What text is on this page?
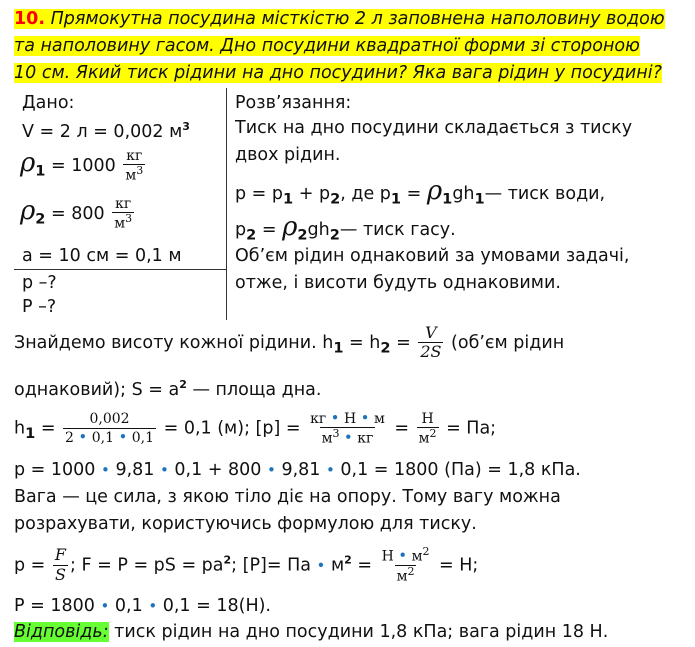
10. Прямокутна посудина місткістю 2 л заповнена наполовину водою
та наполовину гасом. Дно посудини квадратної форми зі стороною
10 см. Який тиск рідини на дно посудини? Яка вага рідин у посудині?
Дано:
V = 2 л = 0,002 $м^3$
$\rho_1 = 1000 \frac{кг}{м^3}$
$\rho_2 = 800 \frac{кг}{м^3}$
а = 10 см = 0,1 м
p –?
P –?
Розв’язання:
Тиск на дно посудини складається з тиску
двох рідин.
$p = p_1 + p_2$, де $p_1$ = $\rho_1gh_1—$ тиск води,
$p_2$ = $\rho_2gh_2—$ тиск гасу.
Об’єм рідин однаковий за умовами задачі,
отже, і висоти будуть однаковими.
Знайдемо висоту кожної рідини. $h_1 = h_2 = \frac{V}{2S}$ (об’єм рідин
однаковий); $S = a^2$ — площа дна.
$h_1 = \frac{0,002}{2 • 0,1 • 0,1} = 0,1$ (м); $[p] = \frac{кг • Н • м}{м^3 • кг} = \frac{Н}{м^2}$ = Па;
p = 1000 • 9,81 • 0,1 + 800 • 9,81 • 0,1 = 1800 (Па) = 1,8 кПа.
Вага — це сила, з якою тіло діє на опору. Тому вагу можна
розрахувати, користуючись формулою для тиску.
$p = \frac{F}{S}$ ; F = P = pS = $pa^2$; [P]= Па • $м^2 = \frac{Н • м^2}{м^2} = Н$;
P = 1800 • 0,1 • 0,1 = 18(Н).
Відповідь: тиск рідин на дно посудини 1,8 кПа; вага рідин 18 Н.
